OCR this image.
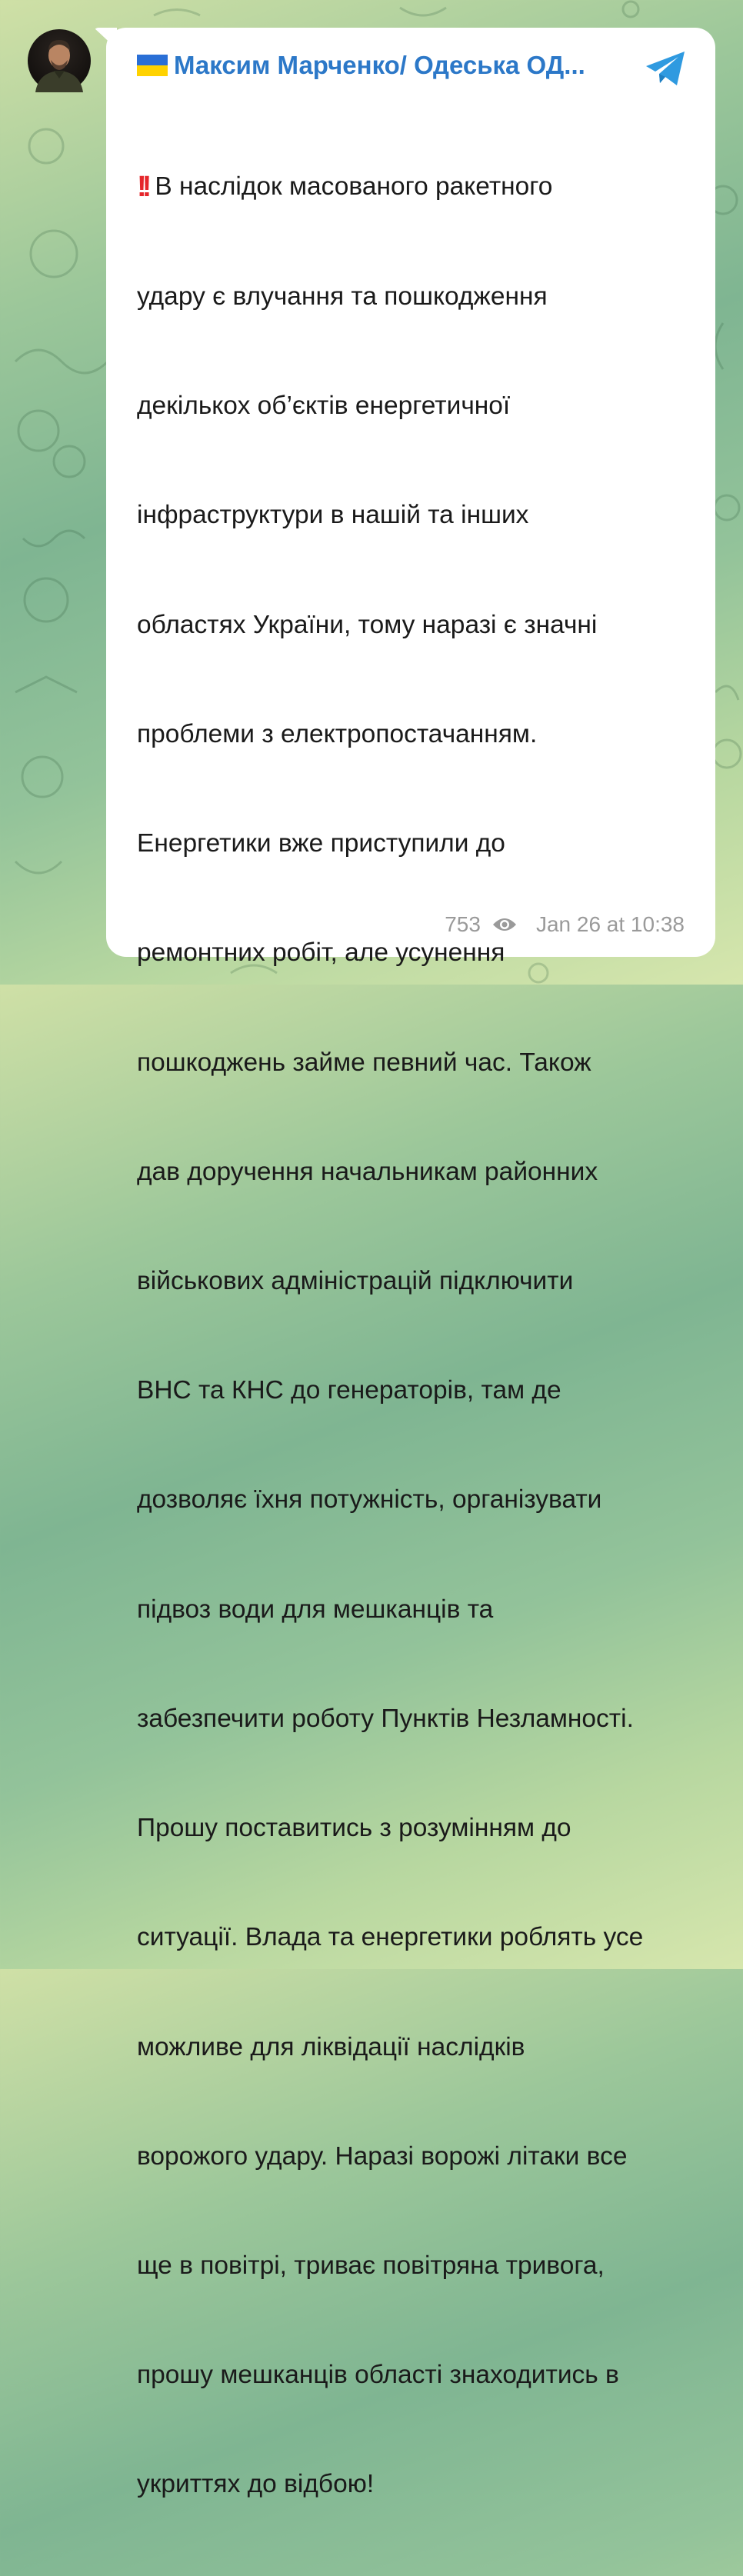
Максим Марченко/ Одеська ОД...

!! В наслідок масованого ракетного

удару є влучання та пошкодження

декількох об’єктів енергетичної

інфраструктури в нашій та інших

областях України, тому наразі є значні

проблеми з електропостачанням.

Енергетики вже приступили до

ремонтних робіт, але усунення

пошкоджень займе певний час. Також

дав доручення начальникам районних

військових адміністрацій підключити

ВНС та КНС до генераторів, там де

дозволяє їхня потужність, організувати

підвоз води для мешканців та

забезпечити роботу Пунктів Незламності.

Прошу поставитись з розумінням до

ситуації. Влада та енергетики роблять усе

можливе для ліквідації наслідків

ворожого удару. Наразі ворожі літаки все

ще в повітрі, триває повітряна тривога,

прошу мешканців області знаходитись в

укриттях до відбою!

753	Jan 26 at 10:38
